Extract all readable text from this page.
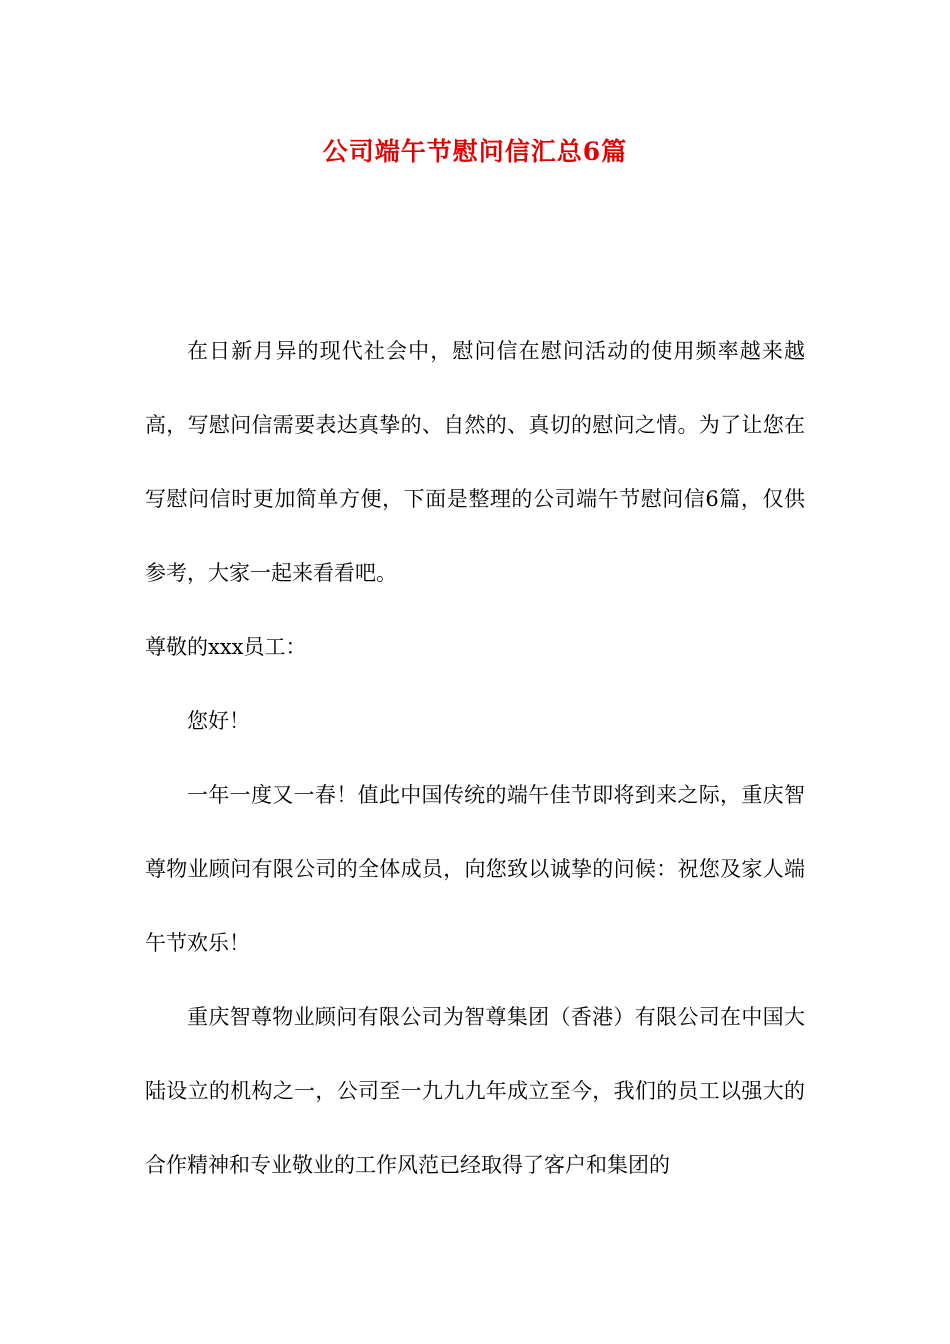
公司端午节慰问信汇总6篇

在日新月异的现代社会中，慰问信在慰问活动的使用频率越来越高，写慰问信需要表达真挚的、自然的、真切的慰问之情。为了让您在写慰问信时更加简单方便，下面是整理的公司端午节慰问信6篇，仅供参考，大家一起来看看吧。

尊敬的xxx员工：

您好！

一年一度又一春！值此中国传统的端午佳节即将到来之际，重庆智尊物业顾问有限公司的全体成员，向您致以诚挚的问候：祝您及家人端午节欢乐！

重庆智尊物业顾问有限公司为智尊集团（香港）有限公司在中国大陆设立的机构之一，公司至一九九九年成立至今，我们的员工以强大的合作精神和专业敬业的工作风范已经取得了客户和集团的
